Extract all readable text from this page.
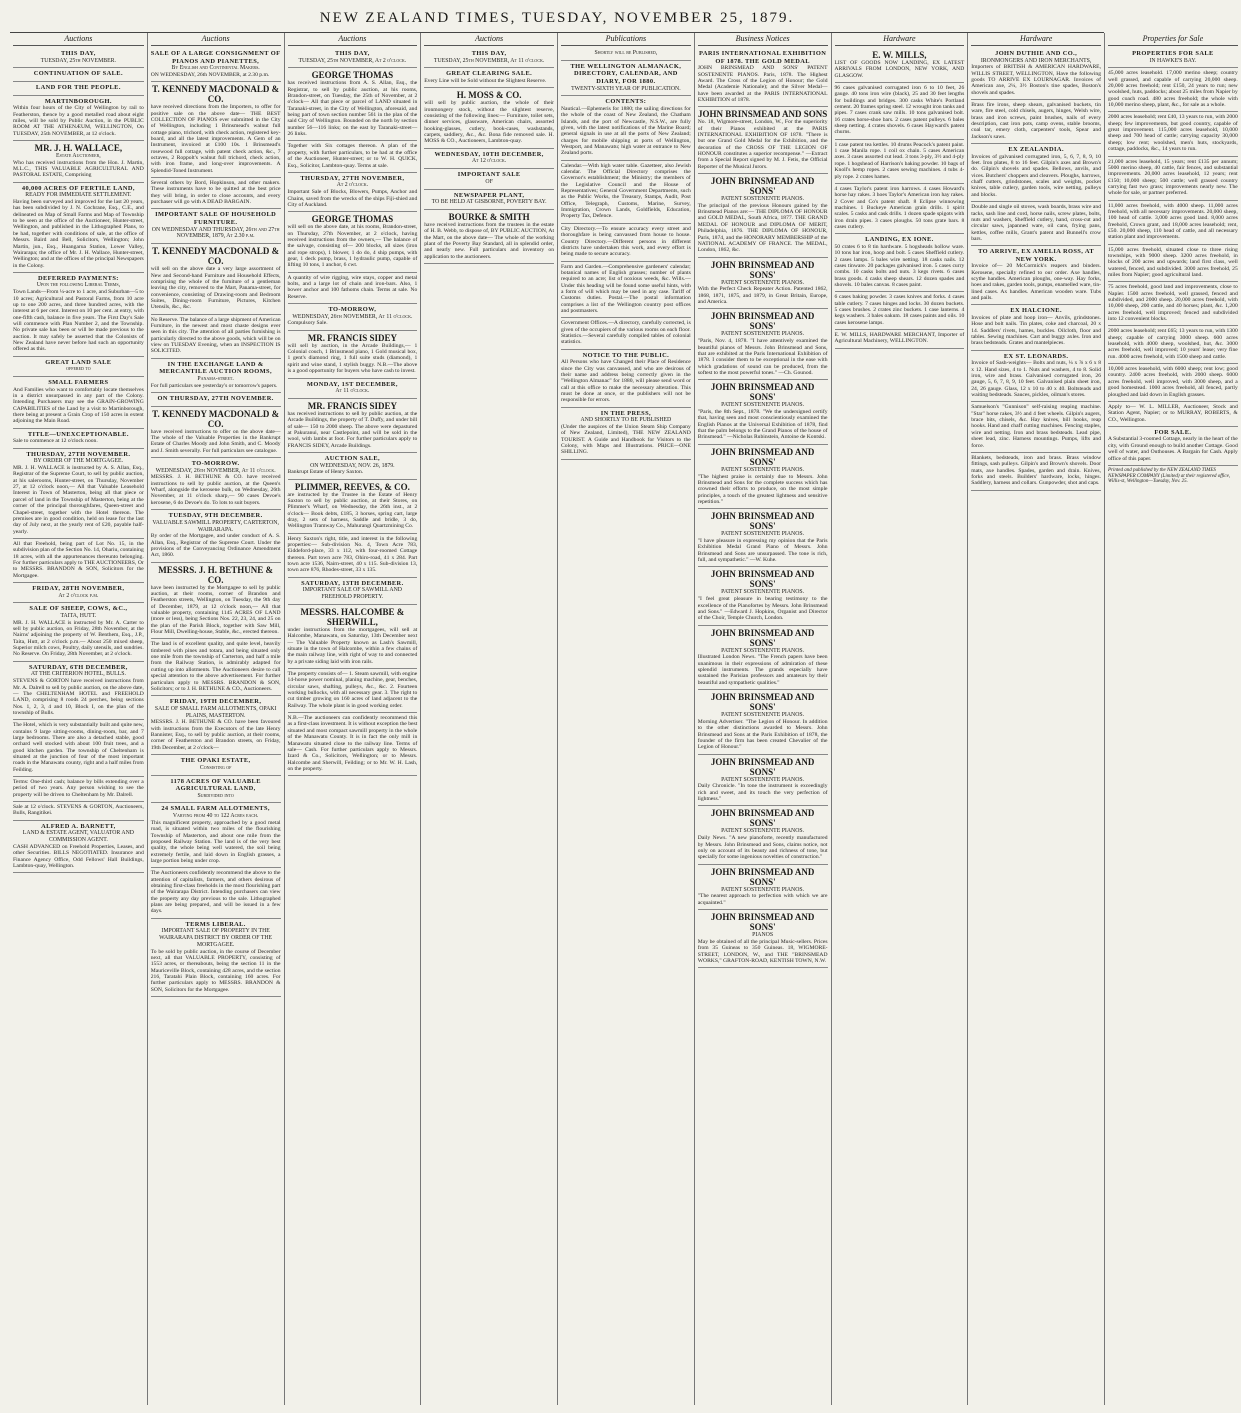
NEW ZEALAND TIMES, TUESDAY, NOVEMBER 25, 1879.
Auctions
THIS DAY,
TUESDAY, 25th NOVEMBER.
CONTINUATION OF SALE.
LAND FOR THE PEOPLE.
MARTINBOROUGH.
Within four hours of the City of Wellington by rail to Featherston, thence by a good metalled road about eight miles, will be sold by Public Auction, in the PUBLIC ROOM AT THE ATHENÆUM, WELLINGTON, On TUESDAY, 25th NOVEMBER, at 12 o'clock.
MR. J. H. WALLACE,
Estate Auctioneer,
Who has received instructions from the Hon. J. Martin, M.L.C., THIS VALUABLE AGRICULTURAL AND PASTORAL ESTATE, Comprising
40,000 ACRES OF FERTILE LAND,
READY FOR IMMEDIATE SETTLEMENT.
Having been surveyed and improved for the last 20 years, has been subdivided by J. N. Cochrane, Esq., C.E., and delineated on Map of Small Farms and Map of Township to be seen at the office of the Auctioneer, Hunter-street, Wellington, and published in the Lithographed Plans, to be had, together with conditions of sale, at the office of Messrs. Baird and Bell, Solicitors, Wellington; John Martin, jun., Esq., Huangarua Station, Lower Valley, Wairarapa; the office of Mr. J. H. Wallace, Hunter-street, Wellington; and at the offices of the principal Newspapers in the Colony.
DEFERRED PAYMENTS:
Upon the following Liberal Terms,
Town Lands—From ¼-acre to 1 acre, and Suburban—5 to 10 acres; Agricultural and Pastoral Farms, from 10 acre up to one 200 acres, and three hundred acres, with the interest at 6 per cent. Interest on 10 per cent. at entry, with one-fifth cash, balance in five years. The First Day's Sale will commence with Plan Number 2, and the Township. No private sale has been or will be made previous to the auction. It may safely be asserted that the Colonists of New Zealand have never before had such an opportunity offered as this.
GREAT LAND SALE
offered to
SMALL FARMERS
And Families who want to comfortably locate themselves in a district unsurpassed in any part of the Colony. Intending Purchasers may see the GRAIN-GROWING CAPABILITIES of the Land by a visit to Martinborough, there being at present a Grain Crop of 150 acres in extent adjoining the Main Road.
TITLE—UNEXCEPTIONABLE.
Sale to commence at 12 o'clock noon.
THURSDAY, 27TH NOVEMBER.
BY ORDER OF THE MORTGAGEE.
MR. J. H. WALLACE is instructed by A. S. Allan, Esq., Registrar of the Supreme Court, to sell by public auction, at his salerooms, Hunter-street, on Thursday, November 27, at 12 o'clock noon,— All that Valuable Leasehold Interest in Town of Masterton, being all that piece or parcel of land in the Township of Masterton, being at the corner of the principal thoroughfares, Queen-street and Chapel-street, together with the Hotel thereon. The premises are in good condition, held on lease for the last day of July next, at the yearly rent of £20, payable half-yearly.
All that Freehold, being part of Lot No. 15, in the subdivision plan of the Section No. 14, Ohariu, containing 18 acres, with all the appurtenances thereunto belonging. For further particulars apply to THE AUCTIONEERS, Or to MESSRS. BRANDON & SON, Solicitors for the Mortgagee.
FRIDAY, 28TH NOVEMBER,
At 2 o'clock p.m.
SALE OF SHEEP, COWS, &C.,
TAITA, HUTT.
MR. J. H. WALLACE is instructed by Mr. A. Carter to sell by public auction, on Friday, 28th November, at the Nairns' adjoining the property of W. Benthem, Esq., J.P., Taita, Hutt, at 2 o'clock p.m.— About 250 mixed sheep, Superior milch cows, Poultry, daily utensils, and sundries. No Reserve. On Friday, 28th November, at 2 o'clock.
SATURDAY, 6TH DECEMBER,
AT THE CRITERION HOTEL, BULLS.
STEVENS & GORTON have received instructions from Mr. A. Dalrell to sell by public auction, on the above date,— The CHELTENHAM HOTEL and FREEHOLD LAND, comprising 8 roods 24 perches, being sections Nos. 1, 2, 3, 4 and 10, Block I, on the plan of the township of Bulls.
The Hotel, which is very substantially built and quite new, contains 9 large sitting-rooms, dining-room, bar, and 7 large bedrooms. There are also a detached stable, good orchard well stocked with about 100 fruit trees, and a good kitchen garden. The township of Cheltenham is situated at the junction of four of the most important roads in the Manawatu county, right and a half miles from Feilding.
Terms: One-third cash; balance by bills extending over a period of two years. Any person wishing to see the property will be driven to Cheltenham by Mr. Dalrell.
Sale at 12 o'clock. STEVENS & GORTON, Auctioneers, Bulls, Rangitikei.
ALFRED A. BARNETT,
LAND & ESTATE AGENT, VALUATOR AND COMMISSION AGENT.
CASH ADVANCED on Freehold Properties, Leases, and other Securities. BILLS NEGOTIATED. Insurance and Finance Agency Office, Odd Fellows' Hall Buildings, Lambton-quay, Wellington.
Auctions
SALE OF A LARGE CONSIGNMENT OF PIANOS AND PIANETTES,
By English and Continental Makers.
ON WEDNESDAY, 26th NOVEMBER, at 2.30 p.m.
T. KENNEDY MACDONALD & CO.
have received directions from the Importers, to offer for positive sale on the above date— THE BEST COLLECTION OF PIANOS ever submitted in the City of Wellington, including 1 Brinsmead's walnut full cottage piano, trichord, with check action, registered key-board, and all the latest improvements. A Gem of an Instrument, invoiced at £100 10s. 1 Brinsmead's rosewood full cottage, with patent check action, &c., 7 octaves, 2 Roppolt's walnut full trichord, check action, with iron frame, and long-over improvements. A Splendid-Toned Instrument.
Several others by Bord, Hopkinson, and other makers. These instruments have to be quitted at the best price they will bring, in order to close accounts, and every purchaser will go with A DEAD BARGAIN.
IMPORTANT SALE OF HOUSEHOLD FURNITURE.
ON WEDNESDAY AND THURSDAY, 26th and 27th NOVEMBER, 1879, At 2.30 p.m.
T. KENNEDY MACDONALD & CO.
will sell on the above date a very large assortment of New and Second-hand Furniture and Household Effects, comprising the whole of the furniture of a gentleman leaving the city, removed to the Mart, Panama-street, for convenience, consisting of Drawing-room and Bedroom Suites, Dining-room Furniture, Pictures, Kitchen Utensils, &c., &c.
No Reserve. The balance of a large shipment of American Furniture, in the newest and most chaste designs ever seen in this city. The attention of all parties furnishing is particularly directed to the above goods, which will be on view on TUESDAY Evening, when an INSPECTION IS SOLICITED.
IN THE EXCHANGE LAND & MERCANTILE AUCTION ROOMS,
Panama-street.
For full particulars see yesterday's or tomorrow's papers.
ON THURSDAY, 27TH NOVEMBER.
T. KENNEDY MACDONALD & CO.
have received instructions to offer on the above date— The whole of the Valuable Properties in the Bankrupt Estate of Charles Moody and John Smith, and C. Moody and J. Smith severally. For full particulars see catalogue.
TO-MORROW.
WEDNESDAY, 26th NOVEMBER, At 11 o'clock.
MESSRS. J. H. BETHUNE & CO. have received instructions to sell by public auction, at the Queen's Wharf, alongside the kerosene bulk, on Wednesday, 26th November, at 11 o'clock sharp,— 90 cases Devoe's kerosene, 6 do Devoe's do. To lots to suit buyers.
TUESDAY, 9TH DECEMBER.
VALUABLE SAWMILL PROPERTY, CARTERTON, WAIRARAPA.
By order of the Mortgagee, and under conduct of A. S. Allan, Esq., Registrar of the Supreme Court. Under the provisions of the Conveyancing Ordinance Amendment Act, 1860.
MESSRS. J. H. BETHUNE & CO.
have been instructed by the Mortgagee to sell by public auction, at their rooms, corner of Brandon and Featherston streets, Wellington, on Tuesday, the 9th day of December, 1879, at 12 o'clock noon,— All that valuable property, containing 1145 ACRES OF LAND (more or less), being Sections Nos. 22, 23, 24, and 25 on the plan of the Parish Block, together with Saw Mill, Flour Mill, Dwelling-house, Stable, &c., erected thereon.
The land is of excellent quality, and quite level, heavily timbered with pines and totara, and being situated only one mile from the township of Carterton, and half a mile from the Railway Station, is admirably adapted for cutting up into allotments. The Auctioneers desire to call special attention to the above advertisement. For further particulars apply to MESSRS. BRANDON & SON, Solicitors; or to J. H. BETHUNE & CO., Auctioneers.
FRIDAY, 19TH DECEMBER,
SALE OF SMALL FARM ALLOTMENTS, OPAKI PLAINS, MASTERTON.
MESSRS. J. H. BETHUNE & CO. have been favoured with instructions from the Executors of the late Henry Bannister, Esq., to sell by public auction, at their rooms, corner of Featherston and Brandon streets, on Friday, 19th December, at 2 o'clock—
THE OPAKI ESTATE,
Consisting of
1178 ACRES OF VALUABLE AGRICULTURAL LAND,
Subdivided into
24 SMALL FARM ALLOTMENTS,
Varying from 40 to 122 Acres each.
This magnificent property, approached by a good metal road, is situated within two miles of the flourishing Township of Masterton, and about one mile from the proposed Railway Station. The land is of the very best quality, the whole being well watered, the soil being extremely fertile, and laid down in English grasses, a large portion being under crop.
The Auctioneers confidently recommend the above to the attention of capitalists, farmers, and others desirous of obtaining first-class freeholds in the most flourishing part of the Wairarapa District. Intending purchasers can view the property any day previous to the sale. Lithographed plans are being prepared, and will be issued in a few days.
TERMS LIBERAL.
IMPORTANT SALE OF PROPERTY IN THE WAIRARAPA DISTRICT BY ORDER OF THE MORTGAGEE.
To be sold by public auction, in the course of December next, all that VALUABLE PROPERTY, consisting of 1553 acres, or thereabouts, being the section 11 in the Mauriceville Block, containing 428 acres, and the section 216, Taratahi Plain Block, containing 160 acres. For further particulars apply to MESSRS. BRANDON & SON, Solicitors for the Mortgagee.
Auctions
THIS DAY,
TUESDAY, 25th NOVEMBER, At 2 o'clock.
GEORGE THOMAS
has received instructions from A. S. Allan, Esq., the Registrar, to sell by public auction, at his rooms, Brandon-street, on Tuesday, the 25th of November, at 2 o'clock— All that piece or parcel of LAND situated in Taranaki-street, in the City of Wellington, aforesaid, and being part of town section number 561 in the plan of the said City of Wellington. Bounded on the north by section number 56—116 links; on the east by Taranaki-street—26 links.
Together with Six cottages thereon. A plan of the property, with further particulars, to be had at the office of the Auctioneer, Hunter-street; or to W. H. QUICK, Esq., Solicitor, Lambton-quay. Terms at sale.
THURSDAY, 27TH NOVEMBER,
At 2 o'clock.
Important Sale of Blocks, Blowers, Pumps, Anchor and Chains, saved from the wrecks of the ships Fiji-shied and City of Auckland.
GEORGE THOMAS
will sell on the above date, at his rooms, Brandon-street, on Thursday, 27th November, at 2 o'clock, having received instructions from the owners,— The balance of the salvage, consisting of— 200 blocks, all sizes (iron and rope strops), 1 blower, 1 do do, 4 ship pumps, with gear, 1 deck pump, brass, 1 hydraulic pump, capable of lifting 10 tons, 1 anchor, 6 cwt.
A quantity of wire rigging, wire stays, copper and metal bolts, and a large lot of chain and iron-bars. Also, 1 bower anchor and 100 fathoms chain. Terms at sale. No Reserve.
TO-MORROW,
WEDNESDAY, 26th NOVEMBER, At 11 o'clock.
Compulsory Sale.
MR. FRANCIS SIDEY
will sell by auction, in the Arcade Buildings,— 1 Colonial couch, 1 Brinsmead piano, 1 Gold musical box, 1 gent's diamond ring, 1 full suite studs (diamond), 1 spirit and wine stand, 1 stylish buggy. N.B.—The above is a good opportunity for buyers who have cash to invest.
MONDAY, 1ST DECEMBER,
At 11 o'clock.
MR. FRANCIS SIDEY
has received instructions to sell by public auction, at the Arcade Buildings, the property of T. Duffy, and under bill of sale— 150 to 2000 sheep. The above were depastured at Pakuranui, near Castlepoint, and will be sold in the wool, with lambs at foot. For further particulars apply to FRANCIS SIDEY, Arcade Buildings.
AUCTION SALE,
ON WEDNESDAY, NOV. 26, 1879.
Bankrupt Estate of Henry Saxton.
PLIMMER, REEVES, & CO.
are instructed by the Trustee in the Estate of Henry Saxton to sell by public auction, at their Stores, on Plimmer's Wharf, on Wednesday, the 26th inst., at 2 o'clock— Book debts, £185, 3 horses, spring cart, large dray, 2 sets of harness, Saddle and bridle, 3 do, Wellington Tramway Co., Mahurangi Quartzmining Co.
Henry Saxton's right, title, and interest in the following properties:— Sub-division No. 4, Town Acre 783, Eiddeford-place, 33 x 112, with four-roomed Cottage thereon. Part town acre 783, Ohiro-road, 41 x 284. Part town acre 1536, Nairn-street, 40 x 115. Sub-division 13, town acre 876, Rhodes-street, 33 x 135.
SATURDAY, 13TH DECEMBER.
IMPORTANT SALE OF SAWMILL AND FREEHOLD PROPERTY.
MESSRS. HALCOMBE & SHERWILL,
under instructions from the mortgagees, will sell at Halcombe, Manawatu, on Saturday, 13th December next— The Valuable Property known as Lash's Sawmill, situate in the town of Halcombe, within a few chains of the main railway line, with right of way to and connected by a private siding laid with iron rails.
The property consists of— 1. Steam sawmill, with engine 14-horse power nominal, planing machine, gear, benches, circular saws, shafting, pulleys, &c., &c. 2. Fourteen working bullocks, with all necessary gear. 3. The right to cut timber growing on 160 acres of land adjacent to the Railway. The whole plant is in good working order.
N.B.—The auctioneers can confidently recommend this as a first-class investment. It is without exception the best situated and most compact sawmill property in the whole of the Manawatu County. It is in fact the only mill in Manawatu situated close to the railway line. Terms of sale— Cash. For further particulars apply to Messrs. Izard & Co., Solicitors, Wellington; or to Messrs. Halcombe and Sherwill, Feilding; or to Mr. W. H. Lash, on the property.
Auctions
THIS DAY,
TUESDAY, 25th NOVEMBER, At 11 o'clock.
GREAT CLEARING SALE.
Every Line will be Sold without the Slightest Reserve.
H. MOSS & CO.
will sell by public auction, the whole of their ironmongery stock, without the slightest reserve, consisting of the following lines:— Furniture, toilet sets, dinner services, glassware, American chairs, assorted hooking-glasses, cutlery, book-cases, washstands, carpets, saddlery, &c., &c. Bona fide removed sale. H. MOSS & CO., Auctioneers, Lambton-quay.
WEDNESDAY, 10TH DECEMBER,
At 12 o'clock.
IMPORTANT SALE
OF
NEWSPAPER PLANT,
TO BE HELD AT GISBORNE, POVERTY BAY.
BOURKE & SMITH
have received instructions from the trustees in the estate of H. B. Webb, to dispose of, BY PUBLIC AUCTION, At the Mart, on the above date— The whole of the working plant of the Poverty Bay Standard, all in splendid order, and nearly new. Full particulars and inventory on application to the auctioneers.
Publications
Shortly will be Published,
THE WELLINGTON ALMANACK, DIRECTORY, CALENDAR, AND DIARY, FOR 1880.
TWENTY-SIXTH YEAR OF PUBLICATION.
CONTENTS:
Nautical.—Ephemeris for 1880; the sailing directions for the whole of the coast of New Zealand, the Chatham Islands, and the port of Newcastle, N.S.W., are fully given, with the latest notifications of the Marine Board; general signals in use at all the ports of New Zealand; charges for mobile shipping at ports of Wellington, Westport, and Manawatu; high water at entrance to New Zealand ports.
Calendar.—With high water table. Gazetteer, also Jewish calendar. The Official Directory comprises the Governor's establishment; the Ministry; the members of the Legislative Council and the House of Representatives; General Government Departments, such as the Public Works, the Treasury, Stamps, Audit, Post Office, Telegraph, Customs, Marine, Survey, Immigration, Crown Lands, Goldfields, Education, Property Tax, Defence.
City Directory.—To ensure accuracy every street and thoroughfare is being canvassed from house to house. Country Directory.—Different persons in different districts have undertaken this work, and every effort is being made to secure accuracy.
Farm and Garden.—Comprehensive gardeners' calendar; botanical names of English grasses; number of plants required to an acre; list of noxious weeds, &c. Wills.—Under this heading will be found some useful hints, with a form of will which may be used in any case. Tariff of Customs duties. Postal.—The postal information comprises a list of the Wellington country post offices and postmasters.
Government Offices.—A directory, carefully corrected, is given of the occupiers of the various rooms on each floor. Statistics.—Several carefully compiled tables of colonial statistics.
NOTICE TO THE PUBLIC.
All Persons who have Changed their Place of Residence since the City was canvassed, and who are desirous of their name and address being correctly given in the "Wellington Almanac" for 1880, will please send word or call at this office to make the necessary alteration. This must be done at once, or the publishers will not be responsible for errors.
IN THE PRESS,
AND SHORTLY TO BE PUBLISHED
(Under the auspices of the Union Steam Ship Company of New Zealand, Limited), THE NEW ZEALAND TOURIST. A Guide and Handbook for Visitors to the Colony, with Maps and Illustrations. PRICE—ONE SHILLING.
Business Notices
PARIS INTERNATIONAL EXHIBITION OF 1878. THE GOLD MEDAL
JOHN BRINSMEAD AND SONS' PATENT SOSTENENTE PIANOS. Paris, 1878. The Highest Award. The Cross of the Legion of Honour; the Gold Medal (Academie Nationale); and the Silver Medal—have been awarded at the PARIS INTERNATIONAL EXHIBITION of 1878.
JOHN BRINSMEAD AND SONS
No. 18, Wigmore-street, London, W., For the superiority of their Pianos exhibited at the PARIS INTERNATIONAL EXHIBITION OF 1878. "There is but one Grand Gold Medal for the Exhibition, and the decoration of the CROSS OF THE LEGION OF HONOUR constitutes a superior recompense." —Extract from a Special Report signed by M. J. Fetis, the Official Reporter of the Musical Jurors.
JOHN BRINSMEAD AND SONS'
PATENT SOSTENENTE PIANOS.
The principal of the previous Honours gained by the Brinsmead Pianos are:— THE DIPLOMA OF HONOUR and GOLD MEDAL, South Africa, 1877. THE GRAND MEDAL OF HONOUR and DIPLOMA OF MERIT, Philadelphia, 1876. THE DIPLOMA OF HONOUR, Paris, 1874, and the HONORARY MEMBERSHIP of the NATIONAL ACADEMY OF FRANCE. The MEDAL, London, 1862, &c.
JOHN BRINSMEAD AND SONS'
PATENT SOSTENENTE PIANOS.
With the Perfect Check Repeater Action. Patented 1862, 1868, 1871, 1875, and 1879, in Great Britain, Europe, and America.
JOHN BRINSMEAD AND SONS'
PATENT SOSTENENTE PIANOS.
"Paris, Nov. 4, 1878. "I have attentively examined the beautiful pianos of Messrs. John Brinsmead and Sons, that are exhibited at the Paris International Exhibition of 1878. I consider them to be exceptional in the ease with which gradations of sound can be produced, from the softest to the most powerful tones." —Ch. Gounod.
JOHN BRINSMEAD AND SONS'
PATENT SOSTENENTE PIANOS.
"Paris, the 8th Sept., 1878. "We the undersigned certify that, having seen and most conscientiously examined the English Pianos at the Universal Exhibition of 1878, find that the palm belongs to the Grand Pianos of the house of Brinsmead." —Nicholas Rubinstein, Antoine de Kontski.
JOHN BRINSMEAD AND SONS'
PATENT SOSTENENTE PIANOS.
"The highest praise is certainly due to Messrs. John Brinsmead and Sons for the complete success which has crowned their efforts to produce, on the most simple principles, a touch of the greatest lightness and sensitive repetition."
JOHN BRINSMEAD AND SONS'
PATENT SOSTENENTE PIANOS.
"I have pleasure in expressing my opinion that the Paris Exhibition Medal Grand Piano of Messrs. John Brinsmead and Sons are unsurpassed. The tone is rich, full, and sympathetic." —W. Kuhe.
JOHN BRINSMEAD AND SONS'
PATENT SOSTENENTE PIANOS.
"I feel great pleasure in bearing testimony to the excellence of the Pianofortes by Messrs. John Brinsmead and Sons." —Edward J. Hopkins, Organist and Director of the Choir, Temple Church, London.
JOHN BRINSMEAD AND SONS'
PATENT SOSTENENTE PIANOS.
Illustrated London News. "The French papers have been unanimous in their expressions of admiration of these splendid instruments. The grands especially have sustained the Parisian professors and amateurs by their beautiful and sympathetic qualities."
JOHN BRINSMEAD AND SONS'
PATENT SOSTENENTE PIANOS.
Morning Advertiser. "The Legion of Honour. In addition to the other distinctions awarded to Messrs. John Brinsmead and Sons at the Paris Exhibition of 1878, the founder of the firm has been created Chevalier of the Legion of Honour."
JOHN BRINSMEAD AND SONS'
PATENT SOSTENENTE PIANOS.
Daily Chronicle. "In tone the instrument is exceedingly rich and sweet, and its touch the very perfection of lightness."
JOHN BRINSMEAD AND SONS'
PATENT SOSTENENTE PIANOS.
Daily News. "A new pianoforte, recently manufactured by Messrs. John Brinsmead and Sons, claims notice, not only on account of its beauty and richness of tone, but specially for some ingenious novelties of construction."
JOHN BRINSMEAD AND SONS'
PATENT SOSTENENTE PIANOS.
"The nearest approach to perfection with which we are acquainted."
JOHN BRINSMEAD AND SONS'
PIANOS
May be obtained of all the principal Music-sellers. Prices from 35 Guineas to 350 Guineas. 18, WIGMORE-STREET, LONDON, W., and THE "BRINSMEAD WORKS," GRAFTON-ROAD, KENTISH TOWN, N.W.
Hardware
E. W. MILLS,
LIST OF GOODS NOW LANDING, EX LATEST ARRIVALS FROM LONDON, NEW YORK, AND GLASGOW.
96 cases galvanised corrugated iron 6 to 10 feet, 26 gauge. 40 tons iron wire (black), 25 and 30 feet lengths for buildings and bridges. 300 casks White's Portland cement. 20 frames spring steel. 12 wrought iron tanks and pipes. 7 cases crank saw mills. 10 tons galvanised bolt. 16 crates horse-shoe bars. 2 cases patent pulleys. 6 bales sheep netting. 4 crates shovels. 6 cases Hayward's patent churns.
1 case patent tea kettles. 10 drums Peacock's patent paint. 1 case Manila rope. 1 coil ox chain. 5 cases American axes. 3 cases assorted cut lead. 3 tons 3-ply, 3½ and 4-ply rope. 1 hogshead of Harrison's baking powder. 10 bags of Knoll's hemp ropes. 2 cases sewing machines. 4 tubs 4-ply rope. 2 crates hames.
4 cases Taylor's patent iron harrows. 4 cases Howard's horse hay rakes. 3 hoes Taylor's American iron hay rakes. 2 Cover and Co's patent shaft. 8 Eclipse winnowing machines. 1 Buckeye American grain drills. 1 spirit scales. 5 casks and cask drills. 1 dozen spade spigots with iron drain pipes. 3 cases ploughs. 50 tons grate bars. 8 cases cutlery.
LANDING, EX IONE.
50 crates 6 to 8 tin hardware. 5 hogsheads hollow ware. 10 tons bar iron, hoop and bolt. 5 cases Sheffield cutlery. 2 cases lamps. 5 bales wire netting. 18 casks nails. 12 cases tinware. 20 packages galvanised iron. 5 cases curry combs. 10 casks bolts and nuts. 3 kegs rivets. 6 cases brass goods. 4 casks sheep shears. 12 dozen spades and shovels. 10 bales canvas. 8 cases paint.
6 cases baking powder. 3 cases knives and forks. 4 cases table cutlery. 7 cases hinges and locks. 30 dozen buckets. 5 cases brushes. 2 crates zinc buckets. 1 case lanterns. 4 kegs washers. 3 bales oakum. 18 cases paints and oils. 10 cases kerosene lamps.
E. W. MILLS, HARDWARE MERCHANT, Importer of Agricultural Machinery, WELLINGTON.
Hardware
JOHN DUTHIE AND CO.,
IRONMONGERS AND IRON MERCHANTS,
Importers of BRITISH & AMERICAN HARDWARE, WILLIS STREET, WELLINGTON, Have the following goods TO ARRIVE EX LOURNAGAR. Invoices of American axe, 2¼, 3½ Boston's tine spades, Boston's shovels and spades.
Brass fire irons, sheep shears, galvanised buckets, tin ware, fire steel, cold chisels, augers, hinges, Welsh wire, brass and iron screws, paint brushes, nails of every description, cast iron pots, camp ovens, stable brooms, coal tar, emery cloth, carpenters' tools, Spear and Jackson's saws.
EX ZEALANDIA.
Invoices of galvanised corrugated iron, 5, 6, 7, 8, 9, 10 feet. Iron plates, 8 to 16 feet. Gilpin's axes and Brown's do. Gilpin's shovels and spades. Bellows, anvils, and vices. Butchers' choppers and cleavers. Ploughs, harrows, chaff cutters, grindstones, scales and weights, pocket knives, table cutlery, garden tools, wire netting, pulleys and blocks.
Double and single oil stoves, wash boards, brass wire and tacks, sash line and cord, horse nails, screw plates, bolts, nuts and washers, Sheffield cutlery, hand, cross-cut and circular saws, japanned ware, oil cans, frying pans, kettles, coffee mills, Grant's patent and Bunnell's crow bars.
TO ARRIVE, EX AMELIA ROSS, AT NEW YORK.
Invoice of— 20 McCormick's reapers and binders. Kerosene, specially refined to our order. Axe handles, scythe handles. American ploughs, one-way. Hay forks, hoes and rakes, garden tools, pumps, enamelled ware, tin-lined cases. Ax handles. American wooden ware. Tubs and pails.
EX HALCIONE.
Invoices of plate and hoop iron— Anvils, grindstones. Hose and bolt nails. Tin plates, coke and charcoal, 20 x 14. Saddlers' rivets, hames, buckles. Oilcloth, floor and tables. Sewing machines. Cart and buggy axles. Iron and brass bedsteads. Grates and mantelpieces.
EX ST. LEONARDS.
Invoice of Sash-weights— Bolts and nuts, ¼ x ⅞ x 6 x 8 x 12. Hand sizes, 4 to 1. Nuts and washers, 4 to 8. Solid iron, wire and brass. Galvanised corrugated iron, 26 gauge, 5, 6, 7, 8, 9, 10 feet. Galvanised plain sheet iron, 24, 26 gauge. Glass, 12 x 10 to 40 x 40. Boltsteads and waiting bedsteads. Sauces, pickles, oilman's stores.
Samuelson's "Gunnison" self-raising reaping machine. "Star" horse rakes, 3½ and 4 feet wheels. Gilpin's augers, brace bits, chisels, &c. Hay knives, bill hooks, reap hooks. Hand and chaff cutting machines. Fencing staples, wire and netting. Iron and brass bedsteads. Lead pipe, sheet lead, zinc. Harness mountings. Pumps, lifts and force.
Blankets, bedsteads, iron and brass. Brass window fittings, sash pulleys. Gilpin's and Brown's shovels. Door mats, axe handles. Spades, garden and drain. Knives, forks and steels. Builders' hardware, locks, hinges. Saddlery, harness and collars. Gunpowder, shot and caps.
Properties for Sale
PROPERTIES FOR SALE
IN HAWKE'S BAY.
45,000 acres leasehold. 17,000 merino sheep; country well grassed, and capable of carrying 20,000 sheep. 20,000 acres freehold; rent £150, 24 years to run; new woolshed, huts, paddocks; about 25 miles from Napier by good coach road. 480 acres freehold; the whole with 10,000 merino sheep, plant, &c., for sale as a whole.
2000 acres leasehold; rent £40, 13 years to run, with 2000 sheep; few improvements, but good country, capable of great improvement. 115,000 acres leasehold, 10,000 sheep and 700 head of cattle; carrying capacity 30,000 sheep; low rent; woolshed, men's huts, stockyards, cottage, paddocks, &c., 14 years to run.
21,000 acres leasehold, 15 years; rent £135 per annum; 5000 merino sheep, 40 cattle, fair fences, and substantial improvements. 20,000 acres leasehold, 12 years; rent £150; 10,000 sheep; 500 cattle; well grassed country carrying fast two grass; improvements nearly new. The whole for sale, or partner preferred.
11,000 acres freehold, with 4000 sheep. 11,000 acres freehold, with all necessary improvements. 20,000 sheep, 100 head of cattle. 3,000 acres good land. 8,000 acres freehold, Crown grant, and 18,000 acres leasehold; rent, £50. 20,000 sheep, 110 head of cattle, and all necessary station plant and improvements.
15,000 acres freehold, situated close to three rising townships, with 9000 sheep. 3200 acres freehold, in blocks of 200 acres and upwards; land first class, well watered, fenced, and subdivided. 3000 acres freehold, 25 miles from Napier; good agricultural land.
75 acres freehold, good land and improvements, close to Napier. 1500 acres freehold, well grassed, fenced and subdivided, and 2000 sheep. 20,000 acres freehold, with 10,000 sheep, 200 cattle, and 40 horses; plant, &c. 1,200 acres freehold, well improved; fenced and subdivided into 12 convenient blocks.
2000 acres leasehold; rent £65; 13 years to run, with 1300 sheep; capable of carrying 3000 sheep. 600 acres leasehold, with 4000 sheep, woolshed, hut, &c. 3000 acres freehold, well improved; 10 years' lease; very fine run. 4000 acres freehold, with 1500 sheep and cattle.
10,000 acres leasehold, with 6000 sheep; rent low; good country. 2400 acres freehold, with 2000 sheep. 6000 acres freehold, well improved, with 3000 sheep, and a good homestead. 1000 acres freehold, all fenced, partly ploughed and laid down in English grasses.
Apply to— W. L. MILLER, Auctioneer, Stock and Station Agent, Napier; or to MURRAY, ROBERTS, & CO., Wellington.
FOR SALE.
A Substantial 3-roomed Cottage, nearly in the heart of the city, with Ground enough to build another Cottage. Good well of water, and Outhouses. A Bargain for Cash. Apply office of this paper.
Printed and published by the NEW ZEALAND TIMES NEWSPAPER COMPANY (Limited) at their registered office, Willis-st, Wellington—Tuesday, Nov. 25.
